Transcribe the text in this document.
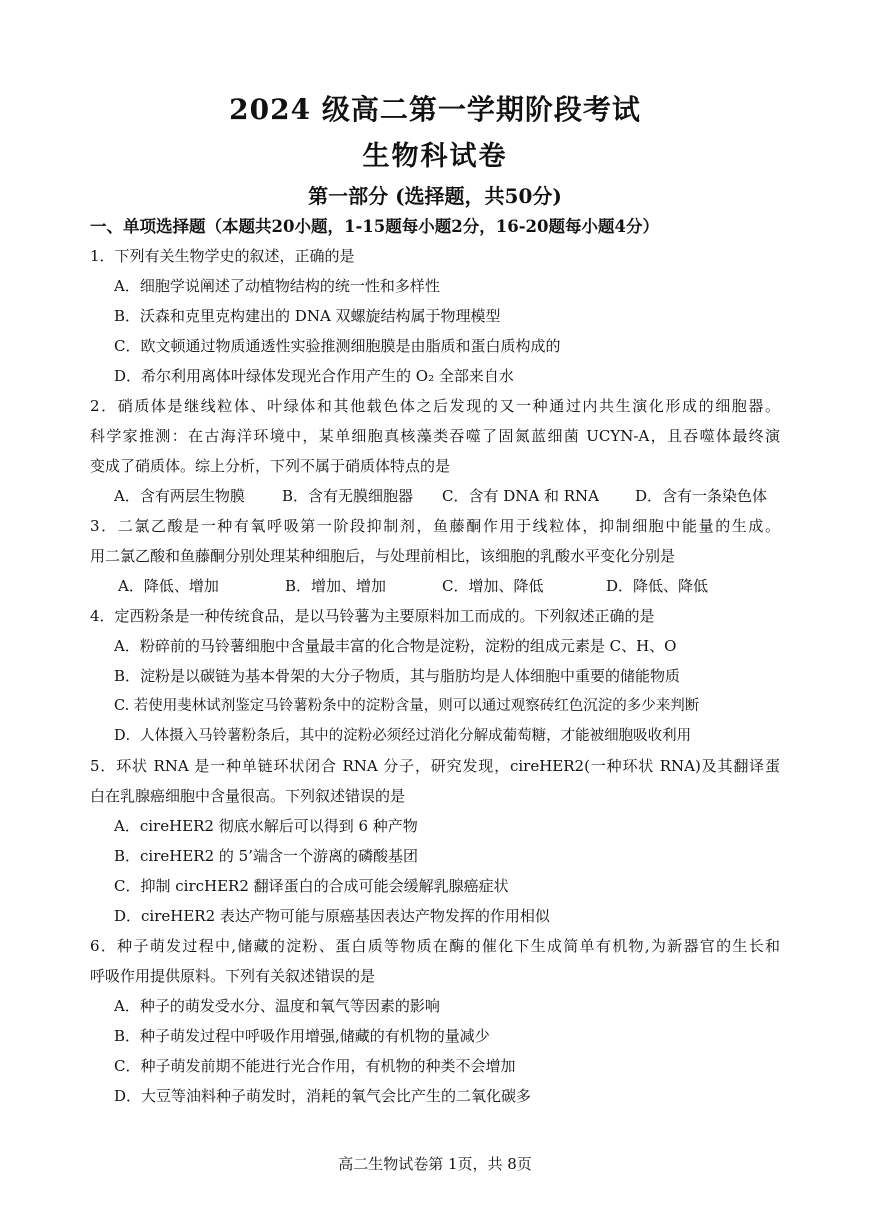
2024 级高二第一学期阶段考试
生物科试卷
第一部分 (选择题，共50分)
一、单项选择题（本题共20小题，1-15题每小题2分，16-20题每小题4分）
1．下列有关生物学史的叙述，正确的是
A．细胞学说阐述了动植物结构的统一性和多样性
B．沃森和克里克构建出的 DNA 双螺旋结构属于物理模型
C．欧文顿通过物质通透性实验推测细胞膜是由脂质和蛋白质构成的
D．希尔利用离体叶绿体发现光合作用产生的 O₂ 全部来自水
2．硝质体是继线粒体、叶绿体和其他载色体之后发现的又一种通过内共生演化形成的细胞器。
科学家推测：在古海洋环境中，某单细胞真核藻类吞噬了固氮蓝细菌 UCYN-A，且吞噬体最终演
变成了硝质体。综上分析，下列不属于硝质体特点的是
A．含有两层生物膜 B．含有无膜细胞器 C．含有 DNA 和 RNA D．含有一条染色体
3．二氯乙酸是一种有氧呼吸第一阶段抑制剂，鱼藤酮作用于线粒体，抑制细胞中能量的生成。
用二氯乙酸和鱼藤酮分别处理某种细胞后，与处理前相比，该细胞的乳酸水平变化分别是
A．降低、增加	B．增加、增加	C．增加、降低	D．降低、降低
4．定西粉条是一种传统食品，是以马铃薯为主要原料加工而成的。下列叙述正确的是
A．粉碎前的马铃薯细胞中含量最丰富的化合物是淀粉，淀粉的组成元素是 C、H、O
B．淀粉是以碳链为基本骨架的大分子物质，其与脂肪均是人体细胞中重要的储能物质
C. 若使用斐林试剂鉴定马铃薯粉条中的淀粉含量，则可以通过观察砖红色沉淀的多少来判断
D．人体摄入马铃薯粉条后，其中的淀粉必须经过消化分解成葡萄糖，才能被细胞吸收利用
5．环状 RNA 是一种单链环状闭合 RNA 分子，研究发现，cireHER2(一种环状 RNA)及其翻译蛋
白在乳腺癌细胞中含量很高。下列叙述错误的是
A．cireHER2 彻底水解后可以得到 6 种产物
B．cireHER2 的 5’端含一个游离的磷酸基团
C．抑制 circHER2 翻译蛋白的合成可能会缓解乳腺癌症状
D．cireHER2 表达产物可能与原癌基因表达产物发挥的作用相似
6．种子萌发过程中,储藏的淀粉、蛋白质等物质在酶的催化下生成简单有机物,为新器官的生长和
呼吸作用提供原料。下列有关叙述错误的是
A．种子的萌发受水分、温度和氧气等因素的影响
B．种子萌发过程中呼吸作用增强,储藏的有机物的量减少
C．种子萌发前期不能进行光合作用，有机物的种类不会增加
D．大豆等油料种子萌发时，消耗的氧气会比产生的二氧化碳多
高二生物试卷第 1页，共 8页
